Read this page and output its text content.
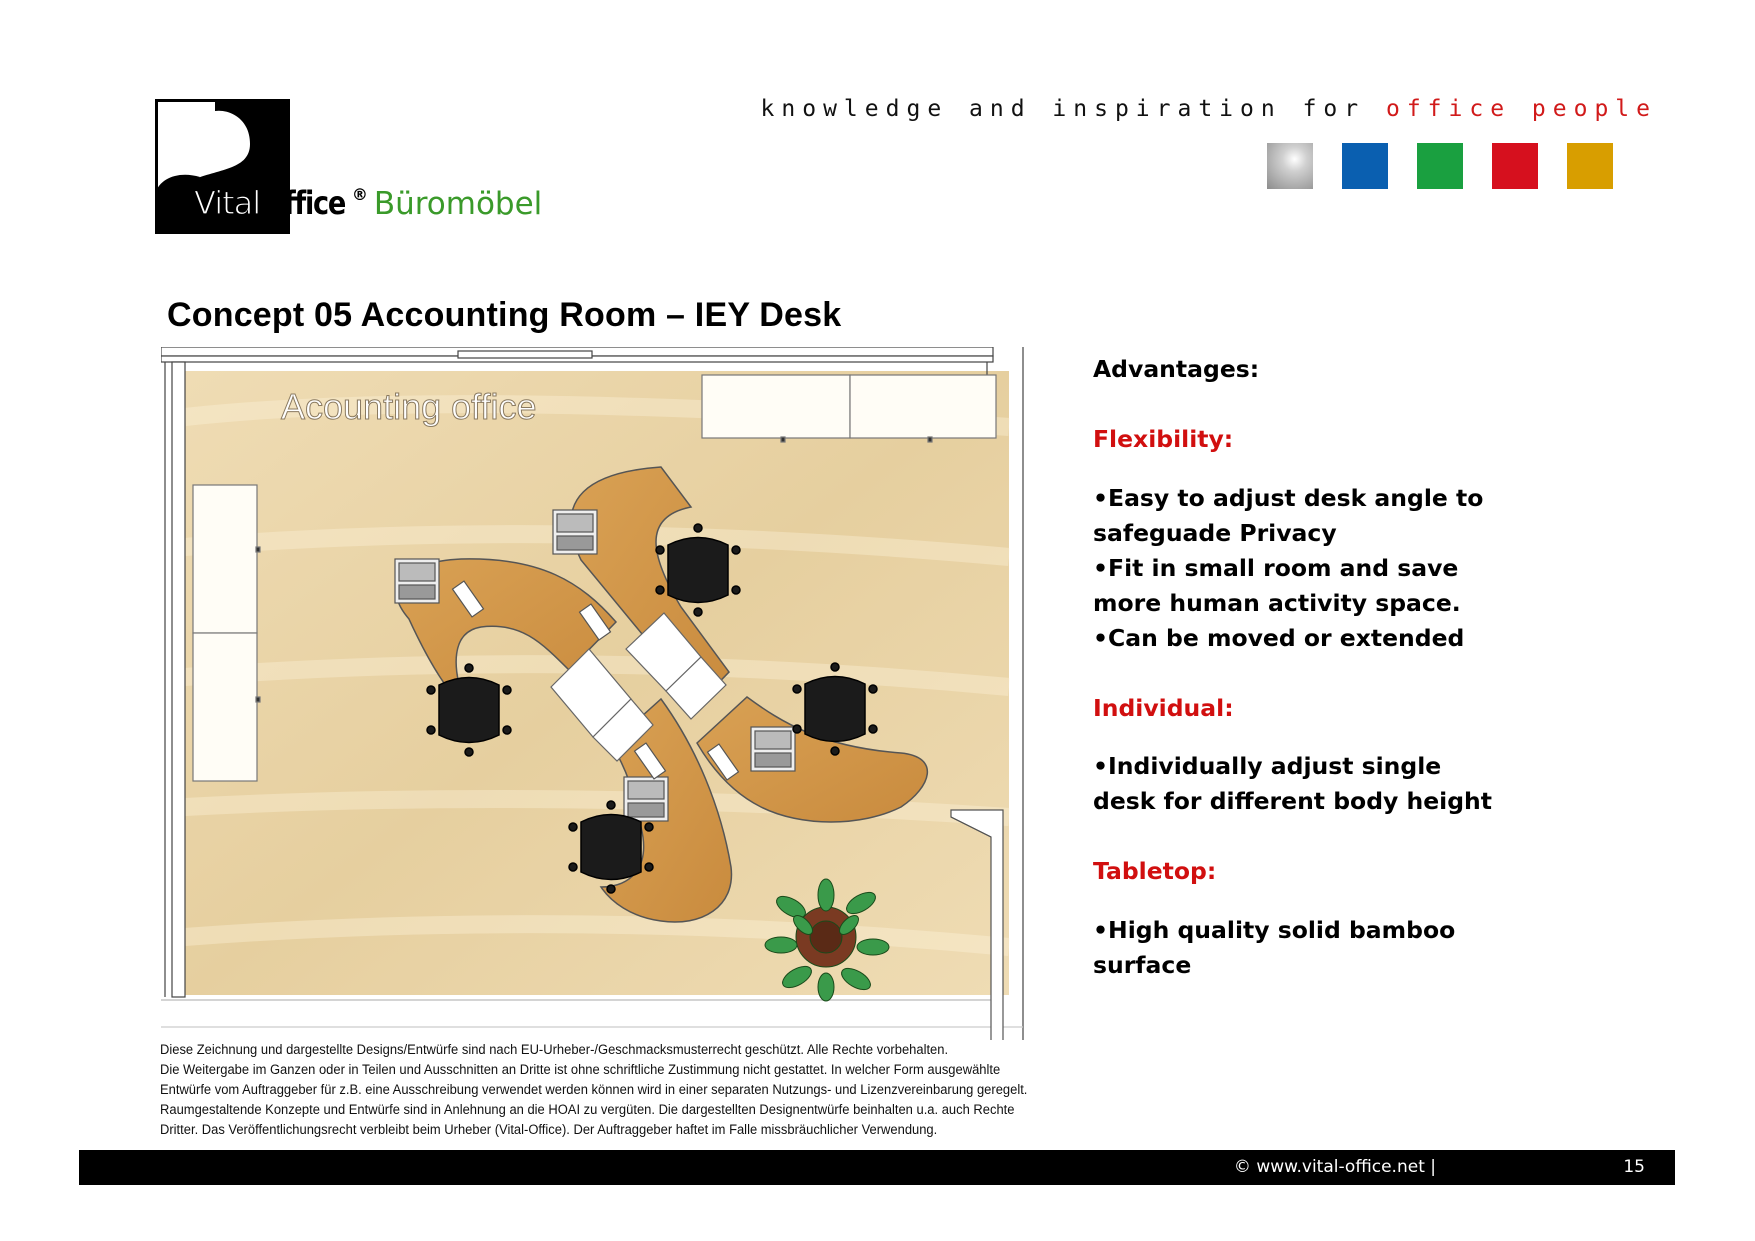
Vital Office ® Büromöbel
knowledge and inspiration for office people
Concept 05 Accounting Room – IEY Desk
Acounting office

Advantages:

Flexibility:

•Easy to adjust desk angle to

safeguade Privacy

•Fit in small room and save

more human activity space.

•Can be moved or extended

Individual:

•Individually adjust single

desk for different body height

Tabletop:

•High quality solid bamboo

surface

Diese Zeichnung und dargestellte Designs/Entwürfe sind nach EU-Urheber-/Geschmacksmusterrecht geschützt. Alle Rechte vorbehalten.
Die Weitergabe im Ganzen oder in Teilen und Ausschnitten an Dritte ist ohne schriftliche Zustimmung nicht gestattet. In welcher Form ausgewählte
Entwürfe vom Auftraggeber für z.B. eine Ausschreibung verwendet werden können wird in einer separaten Nutzungs- und Lizenzvereinbarung geregelt.
Raumgestaltende Konzepte und Entwürfe sind in Anlehnung an die HOAI zu vergüten. Die dargestellten Designentwürfe beinhalten u.a. auch Rechte
Dritter. Das Veröffentlichungsrecht verbleibt beim Urheber (Vital-Office). Der Auftraggeber haftet im Falle missbräuchlicher Verwendung.
© www.vital-office.net |	15
